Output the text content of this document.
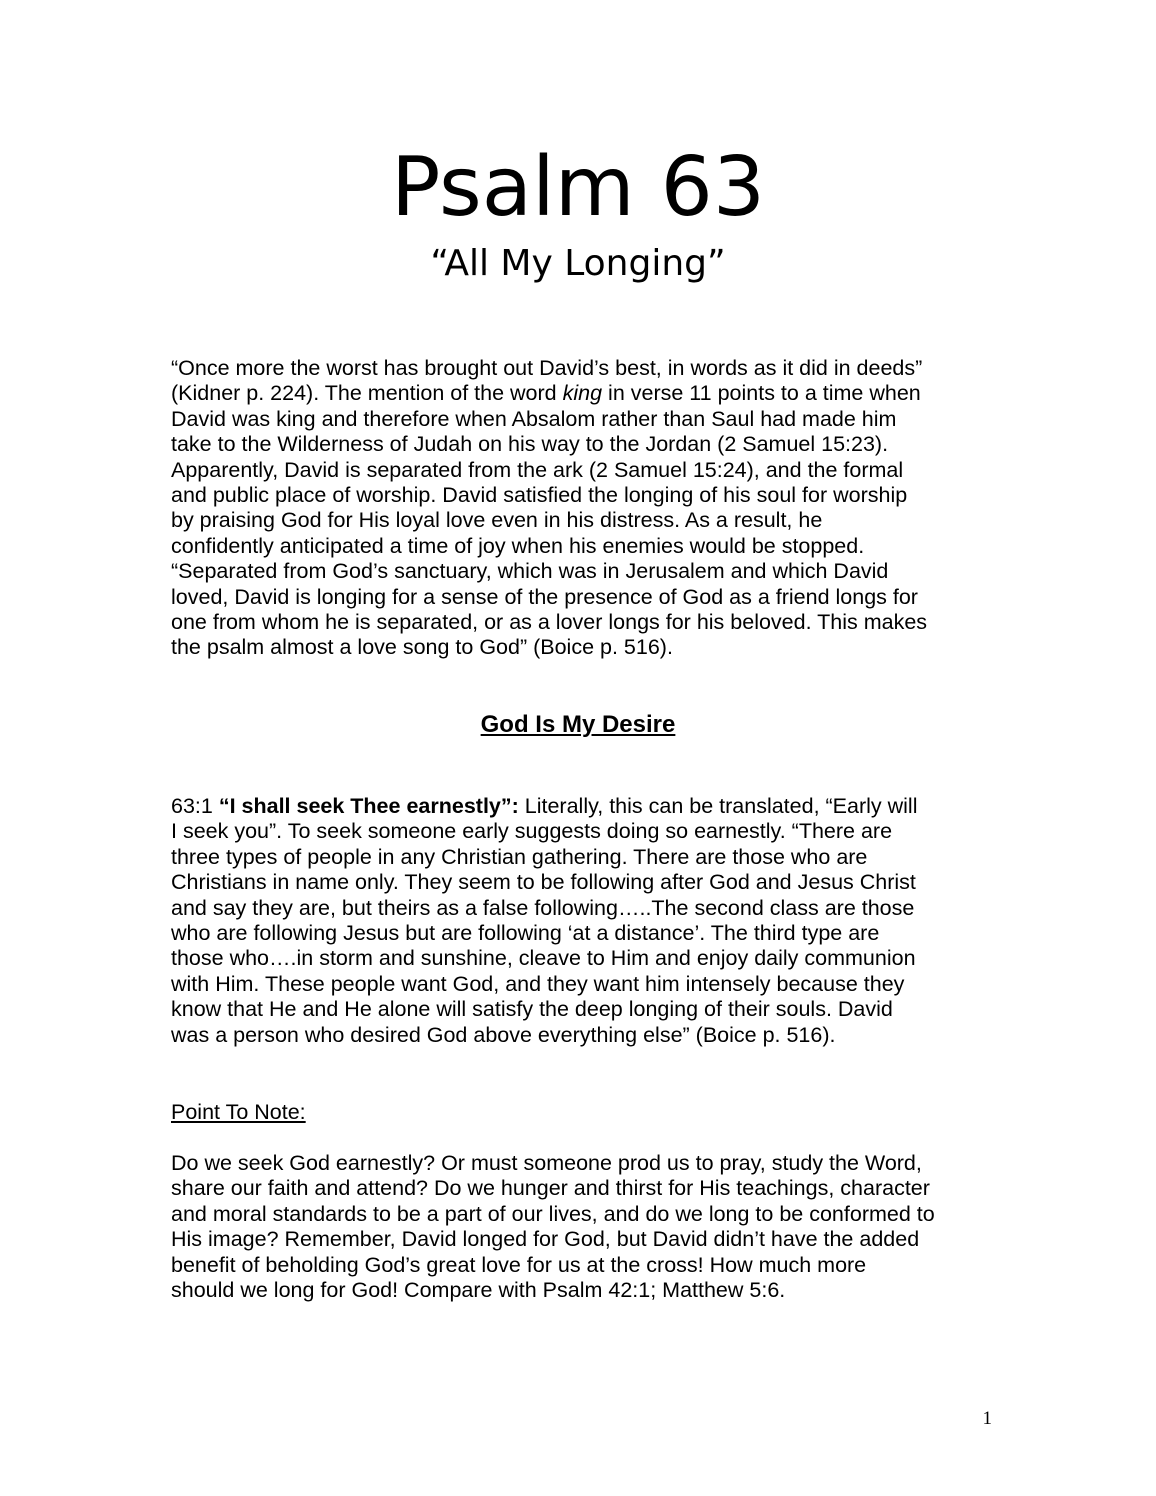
Psalm 63
“All My Longing”
“Once more the worst has brought out David’s best, in words as it did in deeds”
(Kidner p. 224). The mention of the word king in verse 11 points to a time when
David was king and therefore when Absalom rather than Saul had made him
take to the Wilderness of Judah on his way to the Jordan (2 Samuel 15:23).
Apparently, David is separated from the ark (2 Samuel 15:24), and the formal
and public place of worship. David satisfied the longing of his soul for worship
by praising God for His loyal love even in his distress. As a result, he
confidently anticipated a time of joy when his enemies would be stopped.
“Separated from God’s sanctuary, which was in Jerusalem and which David
loved, David is longing for a sense of the presence of God as a friend longs for
one from whom he is separated, or as a lover longs for his beloved. This makes
the psalm almost a love song to God” (Boice p. 516).
God Is My Desire
63:1 “I shall seek Thee earnestly”: Literally, this can be translated, “Early will
I seek you”. To seek someone early suggests doing so earnestly. “There are
three types of people in any Christian gathering. There are those who are
Christians in name only. They seem to be following after God and Jesus Christ
and say they are, but theirs as a false following…..The second class are those
who are following Jesus but are following ‘at a distance’. The third type are
those who….in storm and sunshine, cleave to Him and enjoy daily communion
with Him. These people want God, and they want him intensely because they
know that He and He alone will satisfy the deep longing of their souls. David
was a person who desired God above everything else” (Boice p. 516).
Point To Note:
Do we seek God earnestly? Or must someone prod us to pray, study the Word,
share our faith and attend? Do we hunger and thirst for His teachings, character
and moral standards to be a part of our lives, and do we long to be conformed to
His image? Remember, David longed for God, but David didn’t have the added
benefit of beholding God’s great love for us at the cross! How much more
should we long for God! Compare with Psalm 42:1; Matthew 5:6.
1
